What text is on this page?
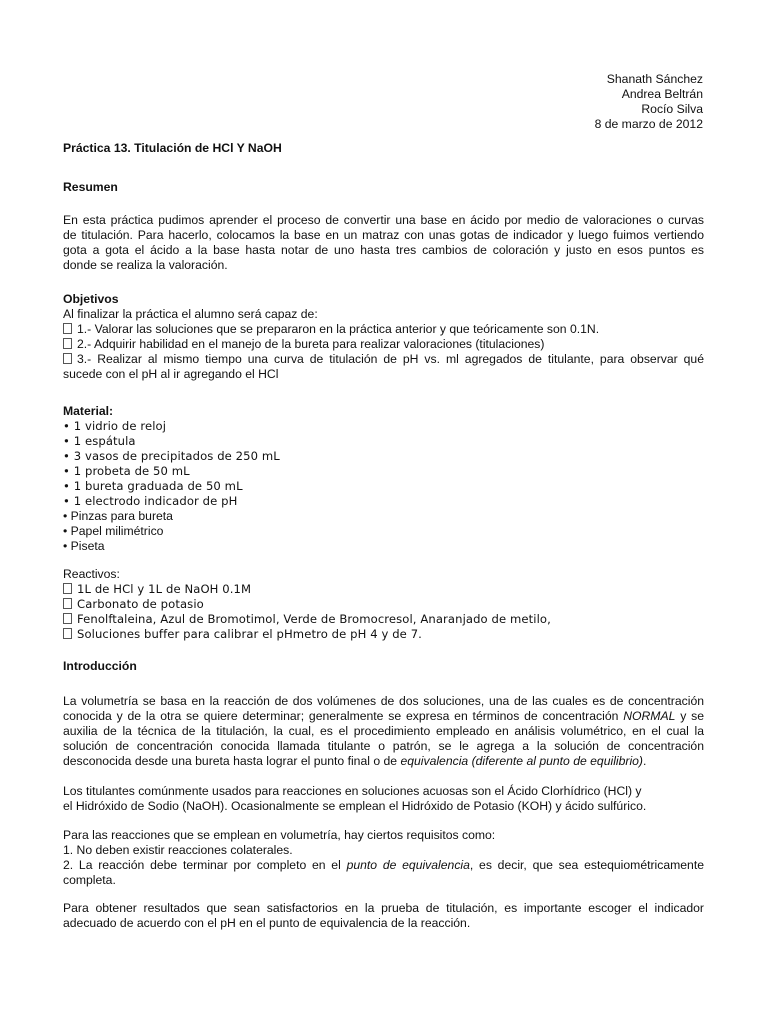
Shanath Sánchez
Andrea Beltrán
Rocío Silva
8 de marzo de 2012
Práctica 13. Titulación de HCl Y NaOH
Resumen
En esta práctica pudimos aprender el proceso de convertir una base en ácido por medio de valoraciones o curvas
de titulación. Para hacerlo, colocamos la base en un matraz con unas gotas de indicador y luego fuimos vertiendo
gota a gota el ácido a la base hasta notar de uno hasta tres cambios de coloración y justo en esos puntos es
donde se realiza la valoración.
Objetivos
Al finalizar la práctica el alumno será capaz de:
1.- Valorar las soluciones que se prepararon en la práctica anterior y que teóricamente son 0.1N.
2.- Adquirir habilidad en el manejo de la bureta para realizar valoraciones (titulaciones)
3.- Realizar al mismo tiempo una curva de titulación de pH vs. ml agregados de titulante, para observar qué
sucede con el pH al ir agregando el HCl
Material:
• 1 vidrio de reloj
• 1 espátula
• 3 vasos de precipitados de 250 mL
• 1 probeta de 50 mL
• 1 bureta graduada de 50 mL
• 1 electrodo indicador de pH
• Pinzas para bureta
• Papel milimétrico
• Piseta
Reactivos:
1L de HCl y 1L de NaOH 0.1M
Carbonato de potasio
Fenolftaleina, Azul de Bromotimol, Verde de Bromocresol, Anaranjado de metilo,
Soluciones buffer para calibrar el pHmetro de pH 4 y de 7.
Introducción
La volumetría se basa en la reacción de dos volúmenes de dos soluciones, una de las cuales es de concentración
conocida y de la otra se quiere determinar; generalmente se expresa en términos de concentración NORMAL y se
auxilia de la técnica de la titulación, la cual, es el procedimiento empleado en análisis volumétrico, en el cual la
solución de concentración conocida llamada titulante o patrón, se le agrega a la solución de concentración
desconocida desde una bureta hasta lograr el punto final o de equivalencia (diferente al punto de equilibrio).
Los titulantes comúnmente usados para reacciones en soluciones acuosas son el Ácido Clorhídrico (HCl) y
el Hidróxido de Sodio (NaOH). Ocasionalmente se emplean el Hidróxido de Potasio (KOH) y ácido sulfúrico.
Para las reacciones que se emplean en volumetría, hay ciertos requisitos como:
1. No deben existir reacciones colaterales.
2. La reacción debe terminar por completo en el punto de equivalencia, es decir, que sea estequiométricamente
completa.
Para obtener resultados que sean satisfactorios en la prueba de titulación, es importante escoger el indicador
adecuado de acuerdo con el pH en el punto de equivalencia de la reacción.
